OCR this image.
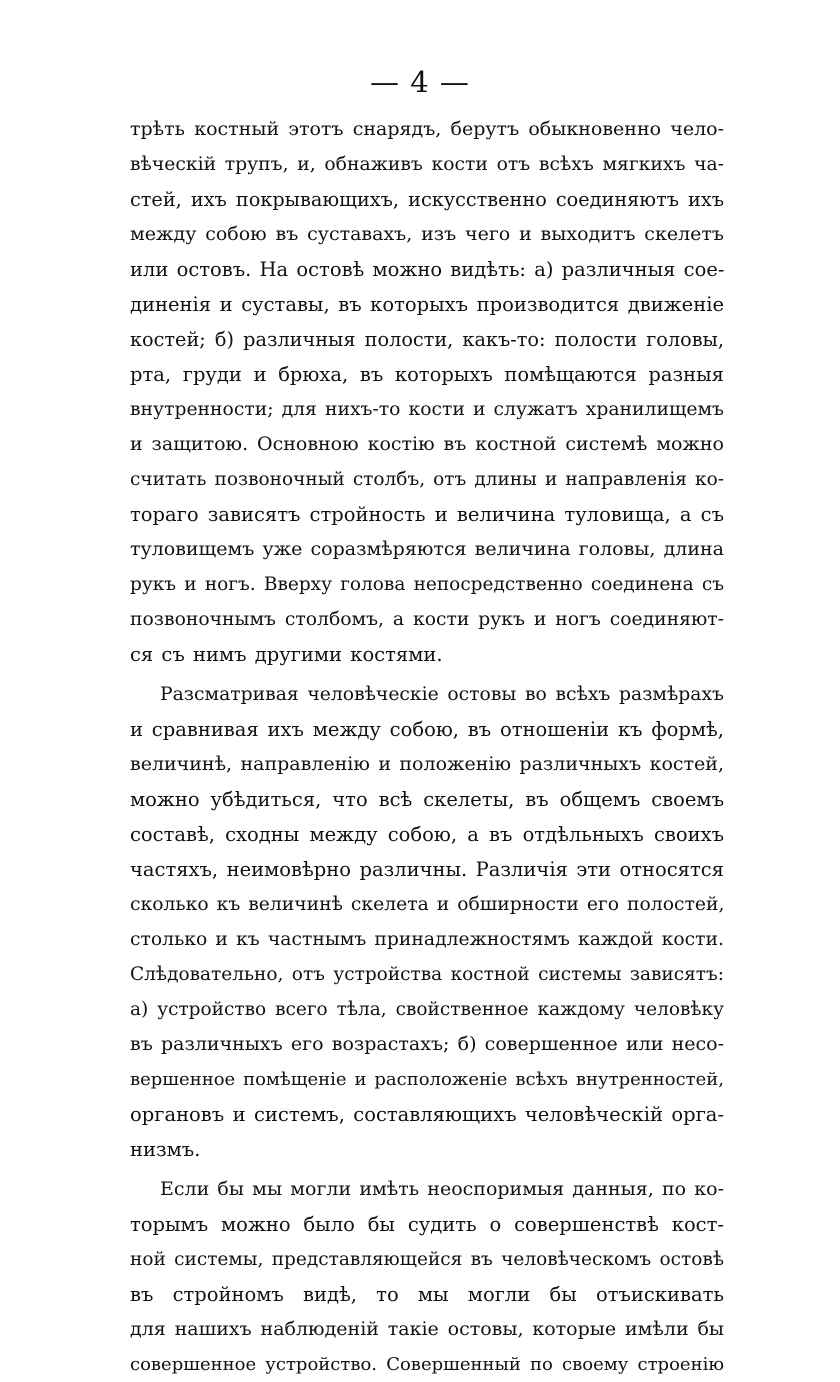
— 4 —
трѣть костный этотъ снарядъ, берутъ обыкновенно чело-
вѣческій трупъ, и, обнаживъ кости отъ всѣхъ мягкихъ ча-
стей, ихъ покрывающихъ, искусственно соединяютъ ихъ
между собою въ суставахъ, изъ чего и выходитъ скелетъ
или остовъ. На остовѣ можно видѣть: а) различныя сое-
диненія и суставы, въ которыхъ производится движеніе
костей; б) различныя полости, какъ-то: полости головы,
рта, груди и брюха, въ которыхъ помѣщаются разныя
внутренности; для нихъ-то кости и служатъ хранилищемъ
и защитою. Основною костію въ костной системѣ можно
считать позвоночный столбъ, отъ длины и направленія ко-
тораго зависятъ стройность и величина туловища, а съ
туловищемъ уже соразмѣряются величина головы, длина
рукъ и ногъ. Вверху голова непосредственно соединена съ
позвоночнымъ столбомъ, а кости рукъ и ногъ соединяют-
ся съ нимъ другими костями.
Разсматривая человѣческіе остовы во всѣхъ размѣрахъ
и сравнивая ихъ между собою, въ отношеніи къ формѣ,
величинѣ, направленію и положенію различныхъ костей,
можно убѣдиться, что всѣ скелеты, въ общемъ своемъ
составѣ, сходны между собою, а въ отдѣльныхъ своихъ
частяхъ, неимовѣрно различны. Различія эти относятся
сколько къ величинѣ скелета и обширности его полостей,
столько и къ частнымъ принадлежностямъ каждой кости.
Слѣдовательно, отъ устройства костной системы зависятъ:
а) устройство всего тѣла, свойственное каждому человѣку
въ различныхъ его возрастахъ; б) совершенное или несо-
вершенное помѣщеніе и расположеніе всѣхъ внутренностей,
органовъ и системъ, составляющихъ человѣческій орга-
низмъ.
Если бы мы могли имѣть неоспоримыя данныя, по ко-
торымъ можно было бы судить о совершенствѣ кост-
ной системы, представляющейся въ человѣческомъ остовѣ
въ стройномъ видѣ, то мы могли бы отъискивать
для нашихъ наблюденій такіе остовы, которые имѣли бы
совершенное устройство. Совершенный по своему строенію
